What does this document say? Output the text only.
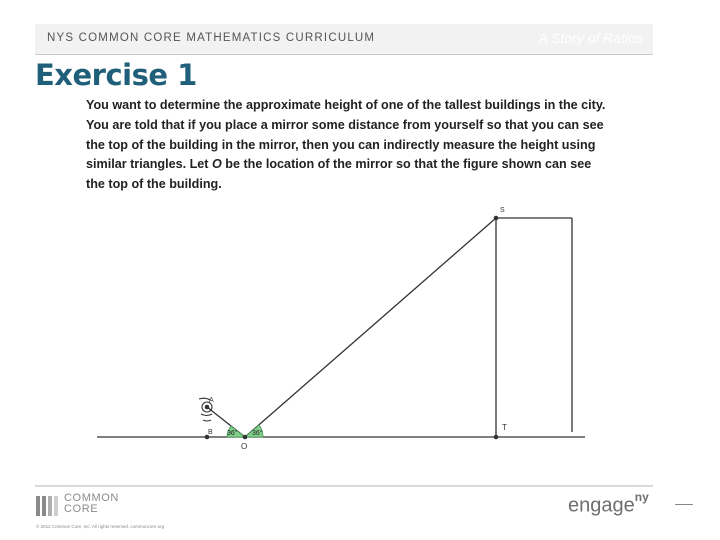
NYS COMMON CORE MATHEMATICS CURRICULUM	A Story of Ratios
Exercise 1

You want to determine the approximate height of one of the tallest buildings in the city. You are told that if you place a mirror some distance from yourself so that you can see the top of the building in the mirror, then you can indirectly measure the height using similar triangles. Let O be the location of the mirror so that the figure shown can see the top of the building.

S
T
A
B
O
36° 36°
COMMON
CORE
© 2012 Common Core, Inc. All rights reserved. commoncore.org
engage$^{ny}$
